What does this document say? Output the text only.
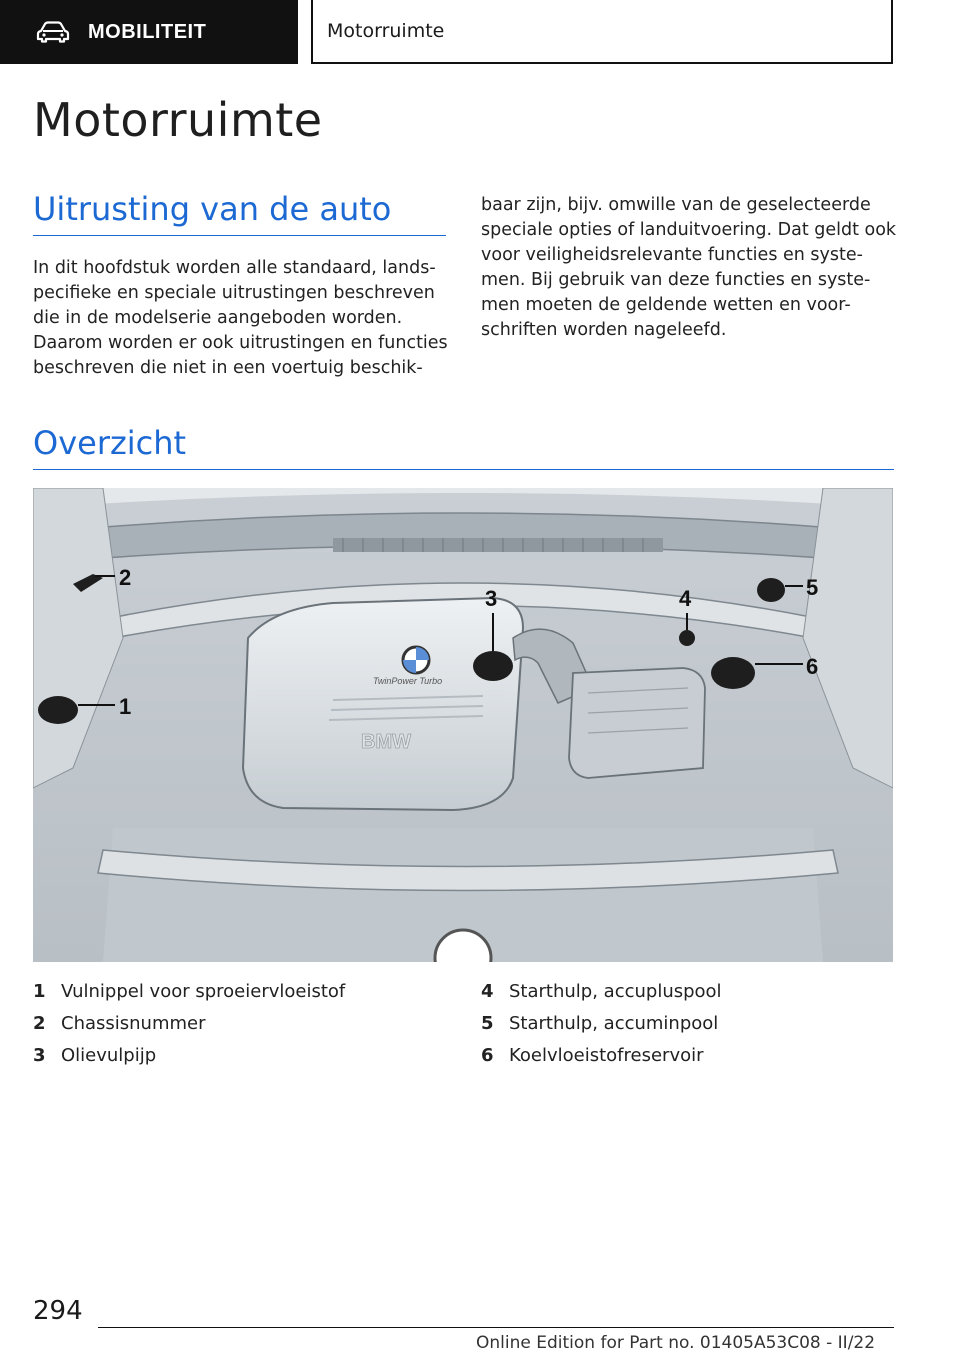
MOBILITEIT	Motorruimte
Motorruimte
Uitrusting van de auto

In dit hoofdstuk worden alle standaard, lands-
pecifieke en speciale uitrustingen beschreven
die in de modelserie aangeboden worden.
Daarom worden er ook uitrustingen en functies
beschreven die niet in een voertuig beschik-

baar zijn, bijv. omwille van de geselecteerde
speciale opties of landuitvoering. Dat geldt ook
voor veiligheidsrelevante functies en syste-
men. Bij gebruik van deze functies en syste-
men moeten de geldende wetten en voor-
schriften worden nageleefd.

Overzicht
TwinPower Turbo
BMW
1
2
3	4	5
6
1 Vulnippel voor sproeiervloeistof
2 Chassisnummer
3 Olievulpijp
4 Starthulp, accupluspool
5 Starthulp, accuminpool
6 Koelvloeistofreservoir
294
Online Edition for Part no. 01405A53C08 - II/22
